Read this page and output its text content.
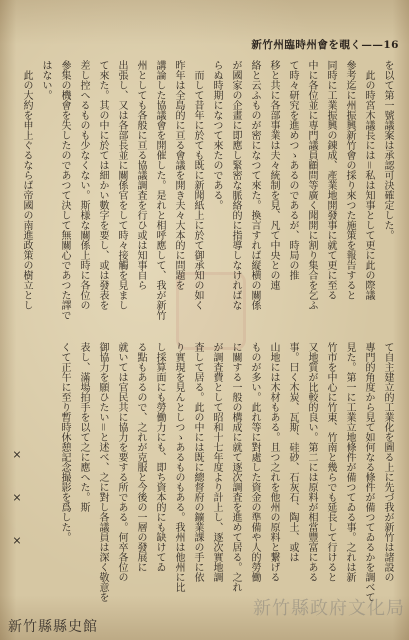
新竹州臨時州會を覗く——16
を以て第一號議案は承認可決確定した。
　此の時宮木議長には＝私は知事として更に此の際議
參考迄に州振興新竹會の採り來つた施策を報告すると
同時に工業振興の錬成、產業地開發事に就て更に至る
中に各位並に専門議員顧問等廣く聞開に割り集合を乞ふ
て時々研究を進めつゝあるのであるが、時局の推
移と共に各部事業は夫々統制を見、凡て中央との連
絡と云ふものが密になつて來た。換言すれば縦横の關係
が國家の企畫に即應し緊密な脈絡的に指導しなければな
らぬ時期になつて來たのである。
　而して昔年に於ても既に新聞紙上に於て御承知の如く
昨年は全島的に亘る會議を開き夫々大本的に問題を
講論した協議會を開催した。是れと相呼應して、我が新竹
州としても各般に亘る協議調査を行ひ或は知事自ら
出張し、又は各部長並に關係官をして時々接觸を見まし
て來た。其の中に於ては細かい數字を要し、或は發表を
差し控へるものも少なくない。斯様な關係上時に各位の
參集の機會を失したのであつて決して無關心であつた譯で
はない。
　此の大約を申上ぐるならば帝國の南進政策の樹立とし
て自主建立的工業化を圖る上に先づ我が新竹は諸設の
專門的角度から見て如何なる條件が備つてゐるかを調べて
見た。第一に工業立地條件が備つてゐる事。之れは新
竹市を中心に竹東、竹南と幾らでも延長して行けると
又地質が比較的良い。第二には原料が相當豐富にある
事。曰く木炭、瓦斯、硅砂、石灰石、陶土、或は
山地には木材もある。且つ之れを他州の原料と繋げる
ものが多い。此れ等に對處した資金の準備や人的勞働
に關する一般の構成に就て逐次調査を進めて居る。之れ
が調査費として昭和十七年度より計上し、逐次實地調
査して居る。此の中には既に總督府の鑛業課の手に依
り實現を見んとしつゝあるものもある。我州は他州に比
し採算面にも勞働力にも、即ち資本的にも缺けてゐ
る點もあるので、之れが克服と今後の一層の發展に
就いては官民共に協力を要する所である。何卒各位の
御協力を願ひたい＝と述べ、之に對し各議員は深く敬意を
表し、滿場拍手を以て之に應へた。斯
くて正午に至り暫時休憩記念撮影を爲した。
×
×
×
新竹縣政府文化局
新竹縣縣史館
